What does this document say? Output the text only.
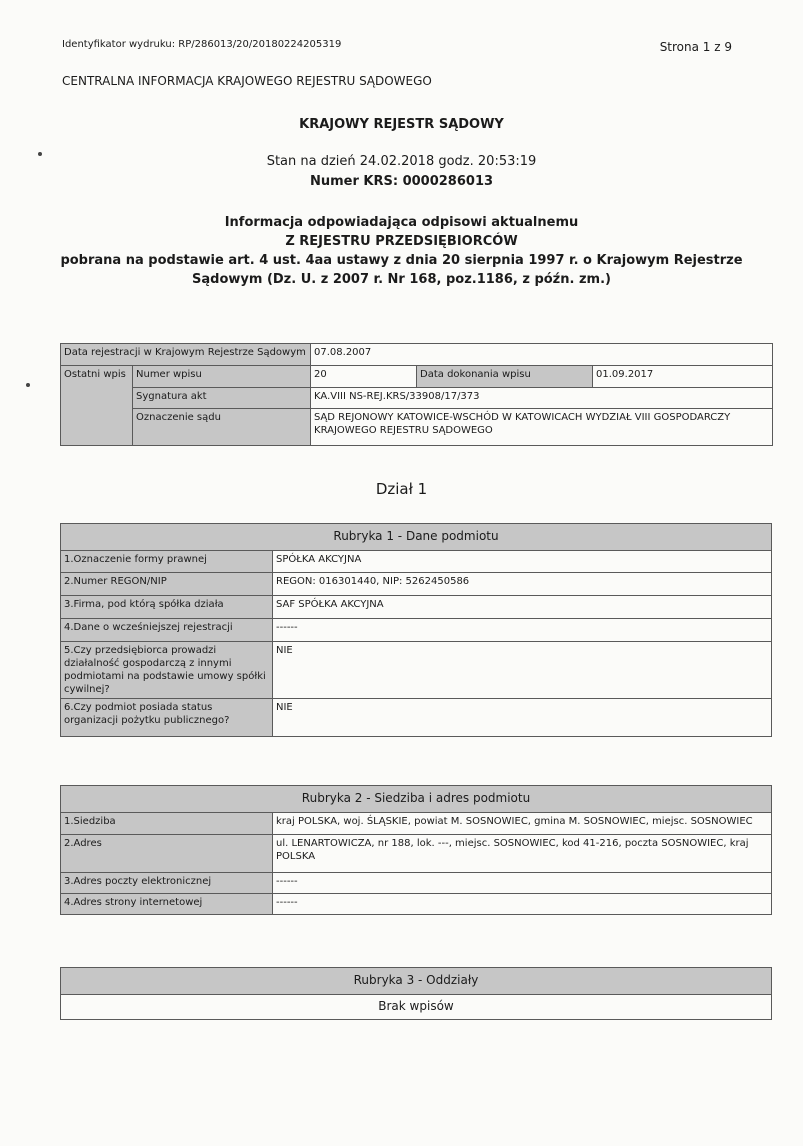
Identyfikator wydruku: RP/286013/20/20180224205319	Strona 1 z 9
CENTRALNA INFORMACJA KRAJOWEGO REJESTRU SĄDOWEGO
KRAJOWY REJESTR SĄDOWY
Stan na dzień 24.02.2018 godz. 20:53:19
Numer KRS: 0000286013
Informacja odpowiadająca odpisowi aktualnemu
Z REJESTRU PRZEDSIĘBIORCÓW
pobrana na podstawie art. 4 ust. 4aa ustawy z dnia 20 sierpnia 1997 r. o Krajowym Rejestrze
Sądowym (Dz. U. z 2007 r. Nr 168, poz.1186, z późn. zm.)
Data rejestracji w Krajowym Rejestrze Sądowym		07.08.2007		
Ostatni wpis	Numer wpisu	20	Data dokonania wpisu	01.09.2017
	Sygnatura akt	KA.VIII NS-REJ.KRS/33908/17/373		
	Oznaczenie sądu	SĄD REJONOWY KATOWICE-WSCHÓD W KATOWICACH WYDZIAŁ VIII GOSPODARCZY KRAJOWEGO REJESTRU SĄDOWEGO		
Dział 1
Rubryka 1 - Dane podmiotu	
1.Oznaczenie formy prawnej	SPÓŁKA AKCYJNA
2.Numer REGON/NIP	REGON: 016301440, NIP: 5262450586
3.Firma, pod którą spółka działa	SAF SPÓŁKA AKCYJNA
4.Dane o wcześniejszej rejestracji	------
5.Czy przedsiębiorca prowadzi działalność gospodarczą z innymi podmiotami na podstawie umowy spółki cywilnej?	NIE
6.Czy podmiot posiada status organizacji pożytku publicznego?	NIE
Rubryka 2 - Siedziba i adres podmiotu	
1.Siedziba	kraj POLSKA, woj. ŚLĄSKIE, powiat M. SOSNOWIEC, gmina M. SOSNOWIEC, miejsc. SOSNOWIEC
2.Adres	ul. LENARTOWICZA, nr 188, lok. ---, miejsc. SOSNOWIEC, kod 41-216, poczta SOSNOWIEC, kraj POLSKA
3.Adres poczty elektronicznej	------
4.Adres strony internetowej	------
Rubryka 3 - Oddziały
Brak wpisów
